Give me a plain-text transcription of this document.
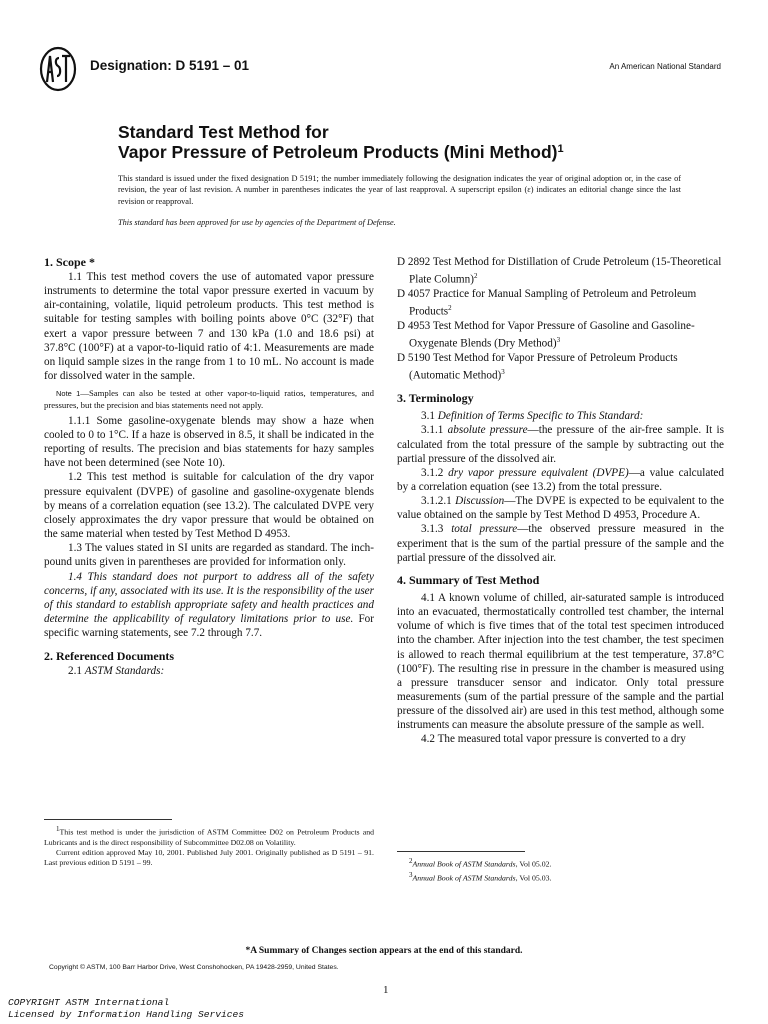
Designation: D 5191 – 01	An American National Standard
Standard Test Method for
Vapor Pressure of Petroleum Products (Mini Method)$^1$
This standard is issued under the fixed designation D 5191; the number immediately following the designation indicates the year of original adoption or, in the case of revision, the year of last revision. A number in parentheses indicates the year of last reapproval. A superscript epsilon (ε) indicates an editorial change since the last revision or reapproval.
This standard has been approved for use by agencies of the Department of Defense.
1. Scope *

1.1 This test method covers the use of automated vapor pressure instruments to determine the total vapor pressure exerted in vacuum by air-containing, volatile, liquid petroleum products. This test method is suitable for testing samples with boiling points above 0°C (32°F) that exert a vapor pressure between 7 and 130 kPa (1.0 and 18.6 psi) at 37.8°C (100°F) at a vapor-to-liquid ratio of 4:1. Measurements are made on liquid sample sizes in the range from 1 to 10 mL. No account is made for dissolved water in the sample.

Note 1—Samples can also be tested at other vapor-to-liquid ratios, temperatures, and pressures, but the precision and bias statements need not apply.

1.1.1 Some gasoline-oxygenate blends may show a haze when cooled to 0 to 1°C. If a haze is observed in 8.5, it shall be indicated in the reporting of results. The precision and bias statements for hazy samples have not been determined (see Note 10).

1.2 This test method is suitable for calculation of the dry vapor pressure equivalent (DVPE) of gasoline and gasoline-oxygenate blends by means of a correlation equation (see 13.2). The calculated DVPE very closely approximates the dry vapor pressure that would be obtained on the same material when tested by Test Method D 4953.

1.3 The values stated in SI units are regarded as standard. The inch-pound units given in parentheses are provided for information only.

1.4 This standard does not purport to address all of the safety concerns, if any, associated with its use. It is the responsibility of the user of this standard to establish appropriate safety and health practices and determine the applicability of regulatory limitations prior to use. For specific warning statements, see 7.2 through 7.7.

2. Referenced Documents

2.1 ASTM Standards:

D 2892 Test Method for Distillation of Crude Petroleum (15-Theoretical Plate Column)$^2$

D 4057 Practice for Manual Sampling of Petroleum and Petroleum Products$^2$

D 4953 Test Method for Vapor Pressure of Gasoline and Gasoline-Oxygenate Blends (Dry Method)$^3$

D 5190 Test Method for Vapor Pressure of Petroleum Products (Automatic Method)$^3$

3. Terminology

3.1 Definition of Terms Specific to This Standard:

3.1.1 absolute pressure—the pressure of the air-free sample. It is calculated from the total pressure of the sample by subtracting out the partial pressure of the dissolved air.

3.1.2 dry vapor pressure equivalent (DVPE)—a value calculated by a correlation equation (see 13.2) from the total pressure.

3.1.2.1 Discussion—The DVPE is expected to be equivalent to the value obtained on the sample by Test Method D 4953, Procedure A.

3.1.3 total pressure—the observed pressure measured in the experiment that is the sum of the partial pressure of the sample and the partial pressure of the dissolved air.

4. Summary of Test Method

4.1 A known volume of chilled, air-saturated sample is introduced into an evacuated, thermostatically controlled test chamber, the internal volume of which is five times that of the total test specimen introduced into the chamber. After injection into the test chamber, the test specimen is allowed to reach thermal equilibrium at the test temperature, 37.8°C (100°F). The resulting rise in pressure in the chamber is measured using a pressure transducer sensor and indicator. Only total pressure measurements (sum of the partial pressure of the sample and the partial pressure of the dissolved air) are used in this test method, although some instruments can measure the absolute pressure of the sample as well.

4.2 The measured total vapor pressure is converted to a dry

$^1$This test method is under the jurisdiction of ASTM Committee D02 on Petroleum Products and Lubricants and is the direct responsibility of Subcommittee D02.08 on Volatility.

Current edition approved May 10, 2001. Published July 2001. Originally published as D 5191 – 91. Last previous edition D 5191 – 99.	$^2$Annual Book of ASTM Standards, Vol 05.02.

$^3$Annual Book of ASTM Standards, Vol 05.03.

*A Summary of Changes section appears at the end of this standard.
Copyright © ASTM, 100 Barr Harbor Drive, West Conshohocken, PA 19428-2959, United States.
1
COPYRIGHT ASTM International
Licensed by Information Handling Services
